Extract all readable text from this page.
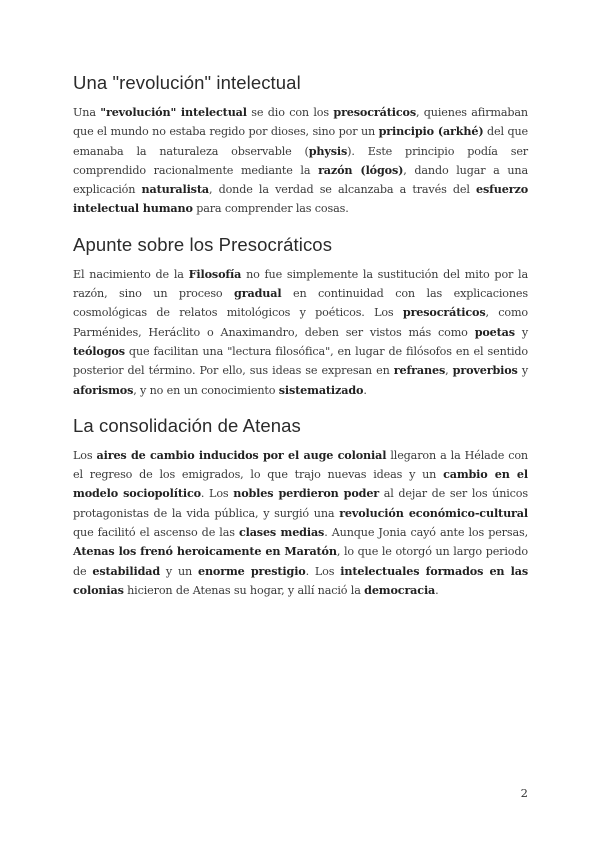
Una "revolución" intelectual

Una "revolución" intelectual se dio con los presocráticos, quienes afirmaban que el mundo no estaba regido por dioses, sino por un principio (arkhé) del que emanaba la naturaleza observable (physis). Este principio podía ser comprendido racionalmente mediante la razón (lógos), dando lugar a una explicación naturalista, donde la verdad se alcanzaba a través del esfuerzo intelectual humano para comprender las cosas.

Apunte sobre los Presocráticos

El nacimiento de la Filosofía no fue simplemente la sustitución del mito por la razón, sino un proceso gradual en continuidad con las explicaciones cosmológicas de relatos mitológicos y poéticos. Los presocráticos, como Parménides, Heráclito o Anaximandro, deben ser vistos más como poetas y teólogos que facilitan una "lectura filosófica", en lugar de filósofos en el sentido posterior del término. Por ello, sus ideas se expresan en refranes, proverbios y aforismos, y no en un conocimiento sistematizado.

La consolidación de Atenas

Los aires de cambio inducidos por el auge colonial llegaron a la Hélade con el regreso de los emigrados, lo que trajo nuevas ideas y un cambio en el modelo sociopolítico. Los nobles perdieron poder al dejar de ser los únicos protagonistas de la vida pública, y surgió una revolución económico-cultural que facilitó el ascenso de las clases medias. Aunque Jonia cayó ante los persas, Atenas los frenó heroicamente en Maratón, lo que le otorgó un largo periodo de estabilidad y un enorme prestigio. Los intelectuales formados en las colonias hicieron de Atenas su hogar, y allí nació la democracia.

2
